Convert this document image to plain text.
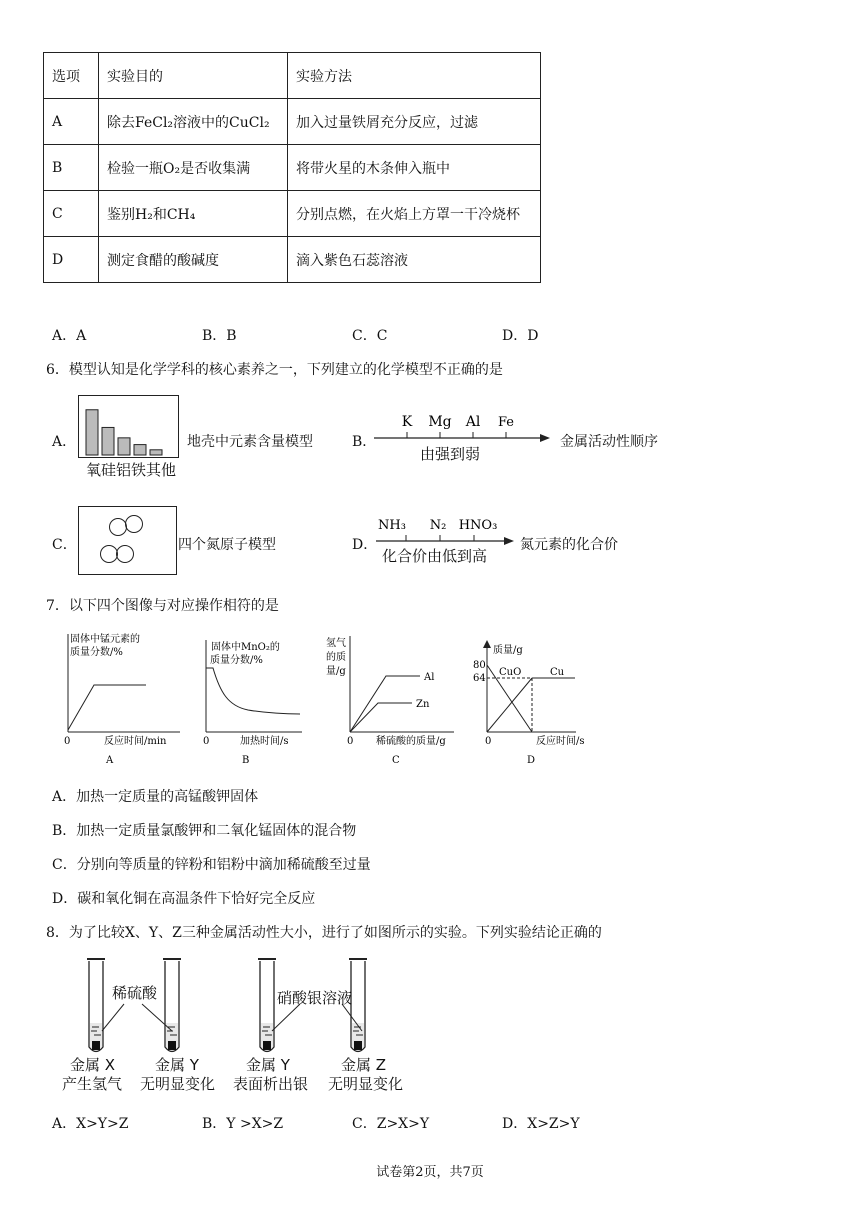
选项	实验目的	实验方法
A	除去FeCl₂溶液中的CuCl₂	加入过量铁屑充分反应，过滤
B	检验一瓶O₂是否收集满	将带火星的木条伸入瓶中
C	鉴别H₂和CH₄	分别点燃，在火焰上方罩一干冷烧杯
D	测定食醋的酸碱度	滴入紫色石蕊溶液
A．A	B．B	C．C	D．D
6．模型认知是化学学科的核心素养之一，下列建立的化学模型不正确的是
A．
氧硅铝铁其他
地壳中元素含量模型	B．
K Mg Al Fe
由强到弱
金属活动性顺序
C．	四个氮原子模型	D．
NH₃ N₂ HNO₃
化合价由低到高
氮元素的化合价
7．以下四个图像与对应操作相符的是
固体中锰元素的
质量分数/%
0	反应时间/min
A
固体中MnO₂的
质量分数/%
0	加热时间/s
B
氢气
的质
量/g
Al
Zn
0 稀硫酸的质量/g
C
质量/g
80
64
CuO	Cu
0	反应时间/s
D
A．加热一定质量的高锰酸钾固体
B．加热一定质量氯酸钾和二氧化锰固体的混合物
C．分别向等质量的锌粉和铝粉中滴加稀硫酸至过量
D．碳和氧化铜在高温条件下恰好完全反应
8．为了比较X、Y、Z三种金属活动性大小，进行了如图所示的实验。下列实验结论正确的
稀硫酸	硝酸银溶液
金属 X
产生氢气
金属 Y
无明显变化
金属 Y
表面析出银
金属 Z
无明显变化
A．X>Y>Z	B．Y >X>Z	C．Z>X>Y	D．X>Z>Y
试卷第2页，共7页
